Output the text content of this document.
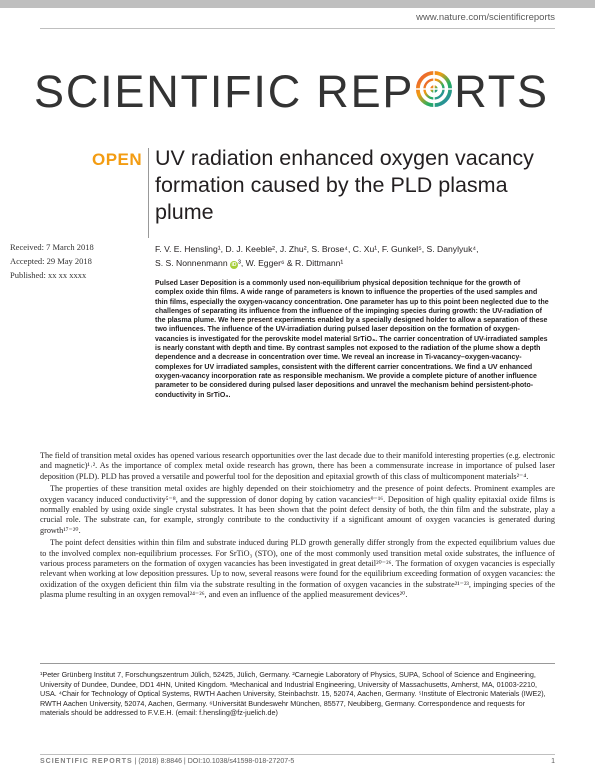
www.nature.com/scientificreports
SCIENTIFIC REP RTS
OPEN UV radiation enhanced oxygen vacancy formation caused by the PLD plasma plume
Received: 7 March 2018
Accepted: 29 May 2018
Published: xx xx xxxx
F. V. E. Hensling¹, D. J. Keeble², J. Zhu², S. Brose⁴, C. Xu¹, F. Gunkel⁵, S. Danylyuk⁴,
S. S. Nonnenmann iD ³, W. Egger⁶ & R. Dittmann¹

Pulsed Laser Deposition is a commonly used non-equilibrium physical deposition technique for the growth of complex oxide thin films. A wide range of parameters is known to influence the properties of the used samples and thin films, especially the oxygen-vacancy concentration. One parameter has up to this point been neglected due to the challenges of separating its influence from the influence of the impinging species during growth: the UV-radiation of the plasma plume. We here present experiments enabled by a specially designed holder to allow a separation of these two influences. The influence of the UV-irradiation during pulsed laser deposition on the formation of oxygen-vacancies is investigated for the perovskite model material SrTiO₃. The carrier concentration of UV-irradiated samples is nearly constant with depth and time. By contrast samples not exposed to the radiation of the plume show a depth dependence and a decrease in concentration over time. We reveal an increase in Ti-vacancy–oxygen-vacancy-complexes for UV irradiated samples, consistent with the different carrier concentrations. We find a UV enhanced oxygen-vacancy incorporation rate as responsible mechanism. We provide a complete picture of another influence parameter to be considered during pulsed laser depositions and unravel the mechanism behind persistent-photo-conductivity in SrTiO₃.

The field of transition metal oxides has opened various research opportunities over the last decade due to their manifold interesting properties (e.g. electronic and magnetic)¹˒². As the importance of complex metal oxide research has grown, there has been a commensurate increase in importance of pulsed laser deposition (PLD). PLD has proved a versatile and powerful tool for the deposition and epitaxial growth of this class of multicomponent materials²⁻⁴.

The properties of these transition metal oxides are highly depended on their stoichiometry and the presence of point defects. Prominent examples are oxygen vacancy induced conductivity⁵⁻⁸, and the suppression of donor doping by cation vacancies⁹⁻¹⁶. Deposition of high quality epitaxial oxide films is normally enabled by using oxide single crystal substrates. It has been shown that the point defect density of both, the thin film and the substrate, play a crucial role. The substrate can, for example, strongly contribute to the conductivity if a significant amount of oxygen vacancies is generated during growth¹⁷⁻²⁰.

The point defect densities within thin film and substrate induced during PLD growth generally differ strongly from the expected equilibrium values due to the involved complex non-equilibrium processes. For SrTiO₃ (STO), one of the most commonly used transition metal oxide substrates, the influence of various process parameters on the formation of oxygen vacancies has been investigated in great detail²⁰⁻²⁶. The formation of oxygen vacancies is especially relevant when working at low deposition pressures. Up to now, several reasons were found for the equilibrium exceeding formation of oxygen vacancies: the oxidization of the oxygen deficient thin film via the substrate resulting in the formation of oxygen vacancies in the substrate²¹⁻²³, impinging species of the plasma plume resulting in an oxygen removal²⁴⁻²⁶, and even an influence of the applied measurement devices²⁰.

¹Peter Grünberg Institut 7, Forschungszentrum Jülich, 52425, Jülich, Germany. ²Carnegie Laboratory of Physics, SUPA, School of Science and Engineering, University of Dundee, Dundee, DD1 4HN, United Kingdom. ³Mechanical and Industrial Engineering, University of Massachusetts, Amherst, MA, 01003-2210, USA. ⁴Chair for Technology of Optical Systems, RWTH Aachen University, Steinbachstr. 15, 52074, Aachen, Germany. ⁵Institute of Electronic Materials (IWE2), RWTH Aachen University, 52074, Aachen, Germany. ⁶Universität Bundeswehr München, 85577, Neubiberg, Germany. Correspondence and requests for materials should be addressed to F.V.E.H. (email: f.hensling@fz-juelich.de)

SCIENTIFIC REPORTS | (2018) 8:8846 | DOI:10.1038/s41598-018-27207-5	1
